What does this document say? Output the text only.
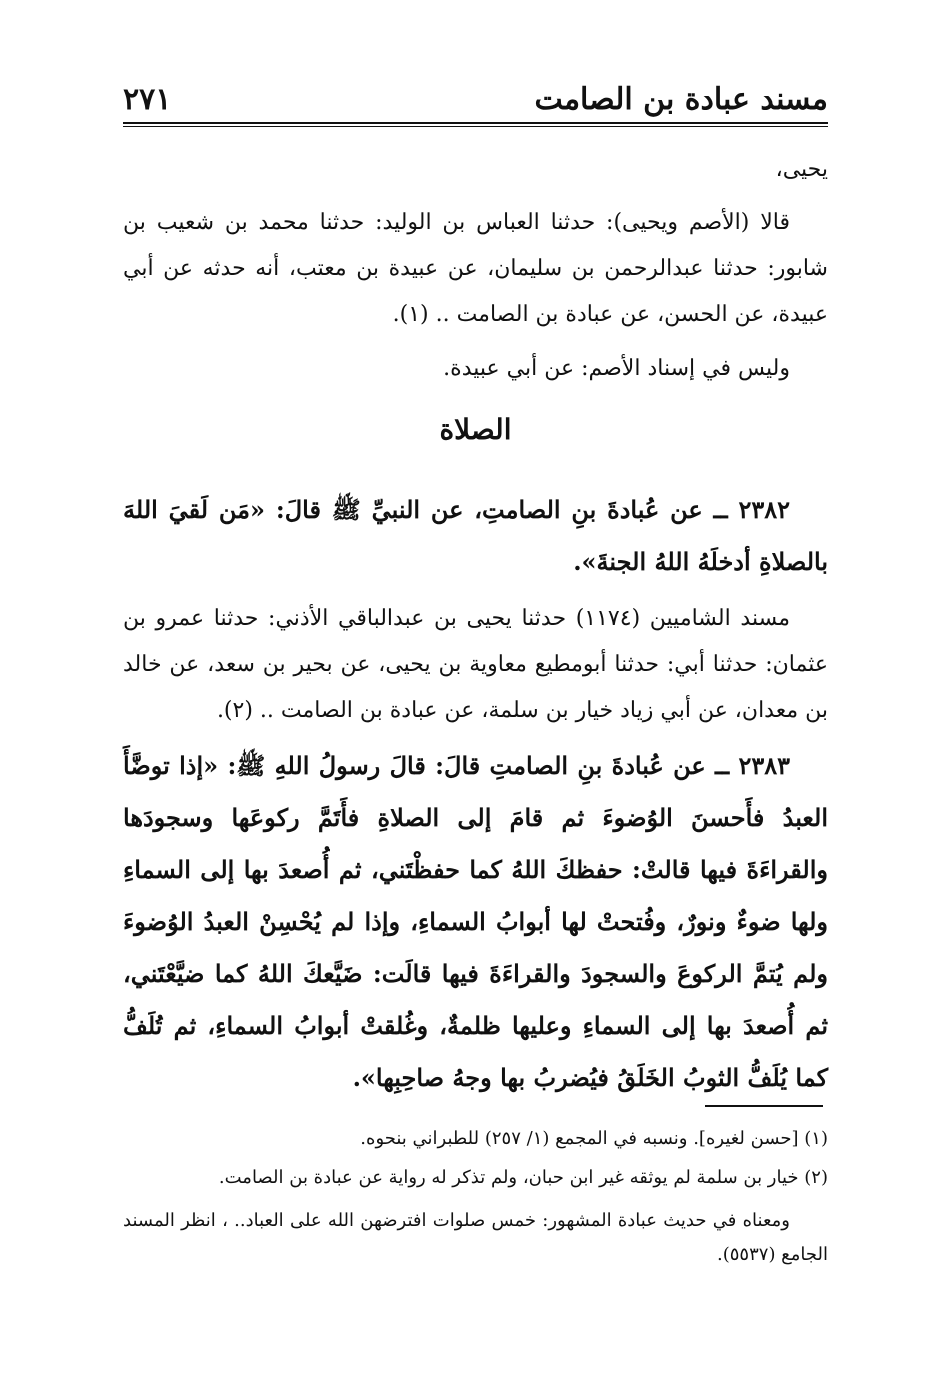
مسند عبادة بن الصامت
٢٧١
يحيى،
قالا (الأصم ويحيى): حدثنا العباس بن الوليد: حدثنا محمد بن شعيب بن شابور: حدثنا عبدالرحمن بن سليمان، عن عبيدة بن معتب، أنه حدثه عن أبي عبيدة، عن الحسن، عن عبادة بن الصامت .. (١).
وليس في إسناد الأصم: عن أبي عبيدة.
الصلاة
٢٣٨٢ ــ عن عُبادةَ بنِ الصامتِ، عن النبيِّ ﷺ قالَ: «مَن لَقيَ اللهَ بالصلاةِ أدخلَهُ اللهُ الجنةَ».
مسند الشاميين (١١٧٤) حدثنا يحيى بن عبدالباقي الأذني: حدثنا عمرو بن عثمان: حدثنا أبي: حدثنا أبومطيع معاوية بن يحيى، عن بحير بن سعد، عن خالد بن معدان، عن أبي زياد خيار بن سلمة، عن عبادة بن الصامت .. (٢).
٢٣٨٣ ــ عن عُبادةَ بنِ الصامتِ قالَ: قالَ رسولُ اللهِ ﷺ: «إذا توضَّأَ العبدُ فأَحسنَ الوُضوءَ ثم قامَ إلى الصلاةِ فأَتَمَّ ركوعَها وسجودَها والقراءَةَ فيها قالتْ: حفظكَ اللهُ كما حفظْتَني، ثم أُصعدَ بها إلى السماءِ ولها ضوءٌ ونورٌ، وفُتحتْ لها أبوابُ السماءِ، وإذا لم يُحْسِنْ العبدُ الوُضوءَ ولم يُتمَّ الركوعَ والسجودَ والقراءَةَ فيها قالَت: ضَيَّعكَ اللهُ كما ضيَّعْتَني، ثم أُصعدَ بها إلى السماءِ وعليها ظلمةٌ، وغُلقتْ أبوابُ السماءِ، ثم تُلَفُّ كما يُلَفُّ الثوبُ الخَلَقُ فيُضربُ بها وجهُ صاحِبِها».
(١) [حسن لغيره]. ونسبه في المجمع (١/ ٢٥٧) للطبراني بنحوه.
(٢) خيار بن سلمة لم يوثقه غير ابن حبان، ولم تذكر له رواية عن عبادة بن الصامت.
ومعناه في حديث عبادة المشهور: خمس صلوات افترضهن الله على العباد.. ، انظر المسند الجامع (٥٥٣٧).
